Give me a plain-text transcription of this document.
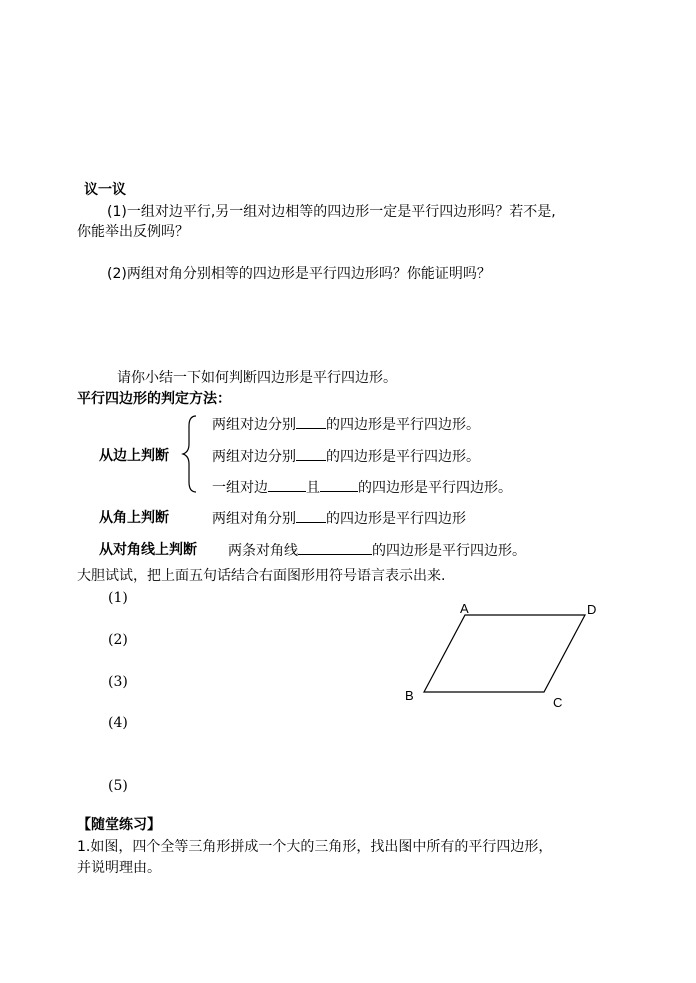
议一议
(1)一组对边平行,另一组对边相等的四边形一定是平行四边形吗？若不是,
你能举出反例吗？
(2)两组对角分别相等的四边形是平行四边形吗？你能证明吗？
请你小结一下如何判断四边形是平行四边形。
平行四边形的判定方法：
从边上判断
两组对边分别 的四边形是平行四边形。
两组对边分别 的四边形是平行四边形。
一组对边	且	的四边形是平行四边形。
从角上判断	两组对角分别 的四边形是平行四边形
从对角线上判断 两条对角线	的四边形是平行四边形。
大胆试试，把上面五句话结合右面图形用符号语言表示出来.
(1)
(2)
(3)
(4)
(5)
A	D
B	C
【随堂练习】
1.如图，四个全等三角形拼成一个大的三角形，找出图中所有的平行四边形，
并说明理由。
